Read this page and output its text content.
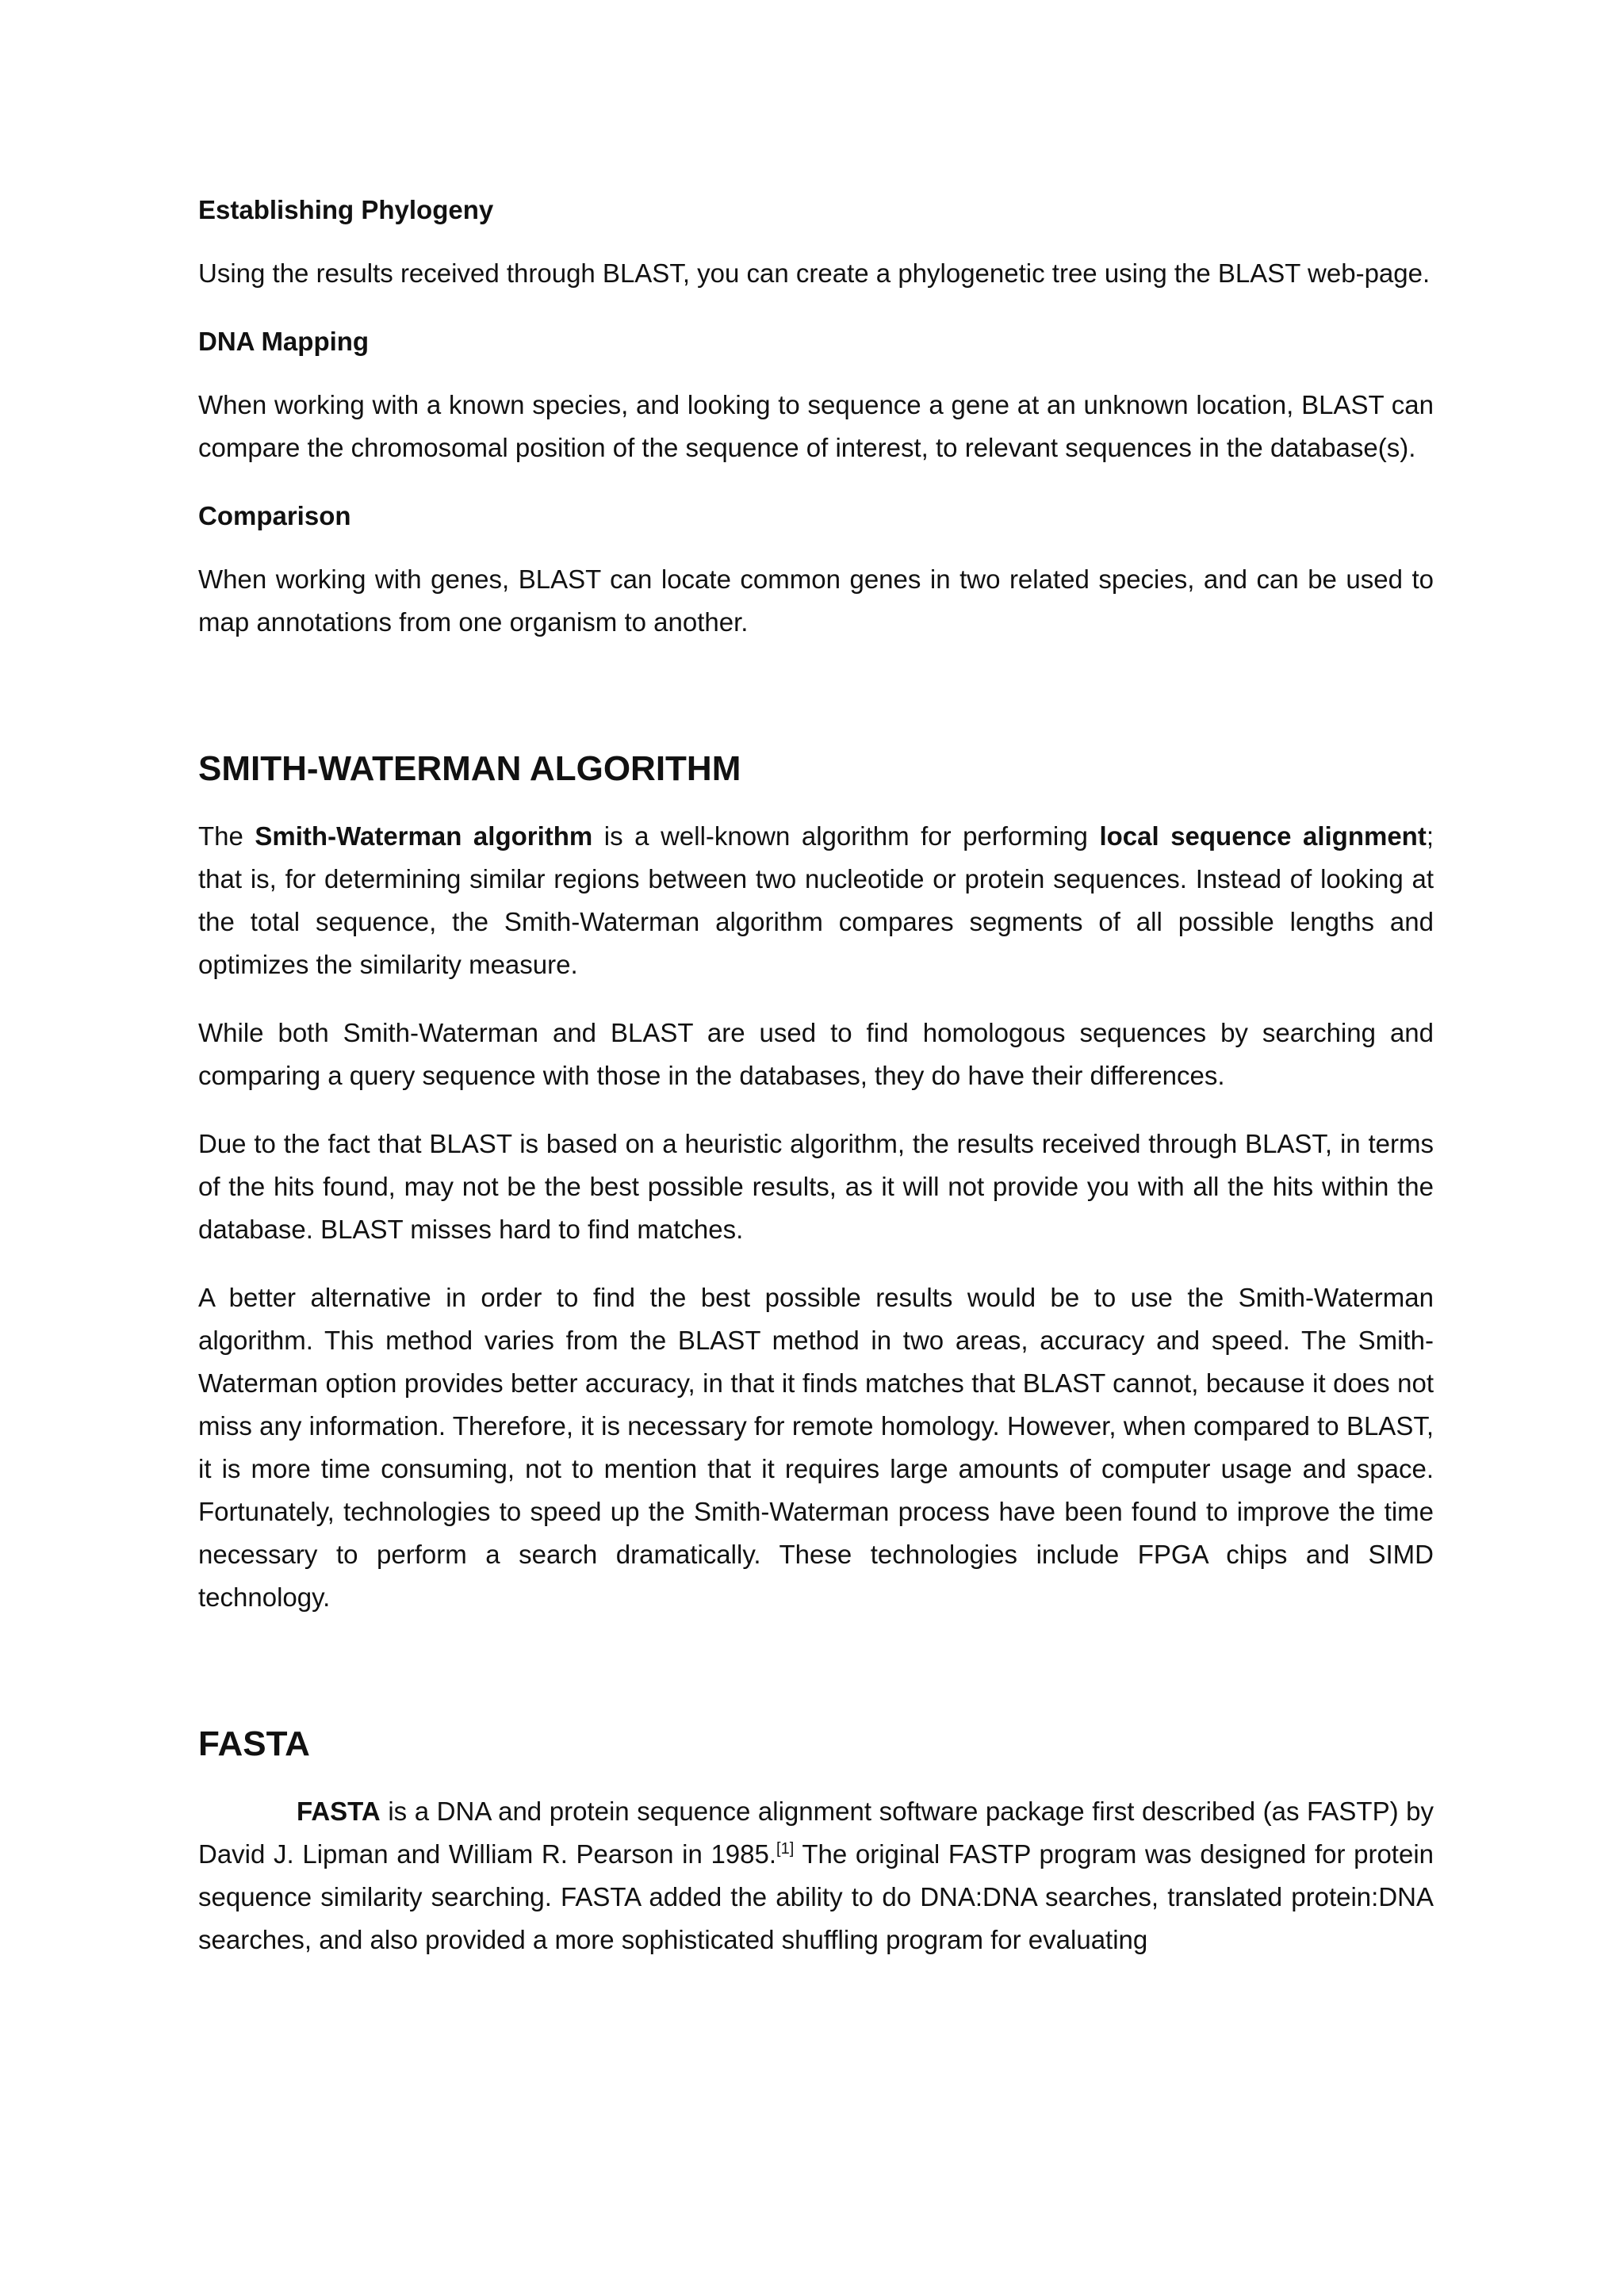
Establishing Phylogeny

Using the results received through BLAST, you can create a phylogenetic tree using the BLAST web-page.

DNA Mapping

When working with a known species, and looking to sequence a gene at an unknown location, BLAST can compare the chromosomal position of the sequence of interest, to relevant sequences in the database(s).

Comparison

When working with genes, BLAST can locate common genes in two related species, and can be used to map annotations from one organism to another.

SMITH-WATERMAN ALGORITHM

The Smith-Waterman algorithm is a well-known algorithm for performing local sequence alignment; that is, for determining similar regions between two nucleotide or protein sequences. Instead of looking at the total sequence, the Smith-Waterman algorithm compares segments of all possible lengths and optimizes the similarity measure.

While both Smith-Waterman and BLAST are used to find homologous sequences by searching and comparing a query sequence with those in the databases, they do have their differences.

Due to the fact that BLAST is based on a heuristic algorithm, the results received through BLAST, in terms of the hits found, may not be the best possible results, as it will not provide you with all the hits within the database. BLAST misses hard to find matches.

A better alternative in order to find the best possible results would be to use the Smith-Waterman algorithm. This method varies from the BLAST method in two areas, accuracy and speed. The Smith-Waterman option provides better accuracy, in that it finds matches that BLAST cannot, because it does not miss any information. Therefore, it is necessary for remote homology. However, when compared to BLAST, it is more time consuming, not to mention that it requires large amounts of computer usage and space. Fortunately, technologies to speed up the Smith-Waterman process have been found to improve the time necessary to perform a search dramatically. These technologies include FPGA chips and SIMD technology.

FASTA

FASTA is a DNA and protein sequence alignment software package first described (as FASTP) by David J. Lipman and William R. Pearson in 1985.[1] The original FASTP program was designed for protein sequence similarity searching. FASTA added the ability to do DNA:DNA searches, translated protein:DNA searches, and also provided a more sophisticated shuffling program for evaluating
